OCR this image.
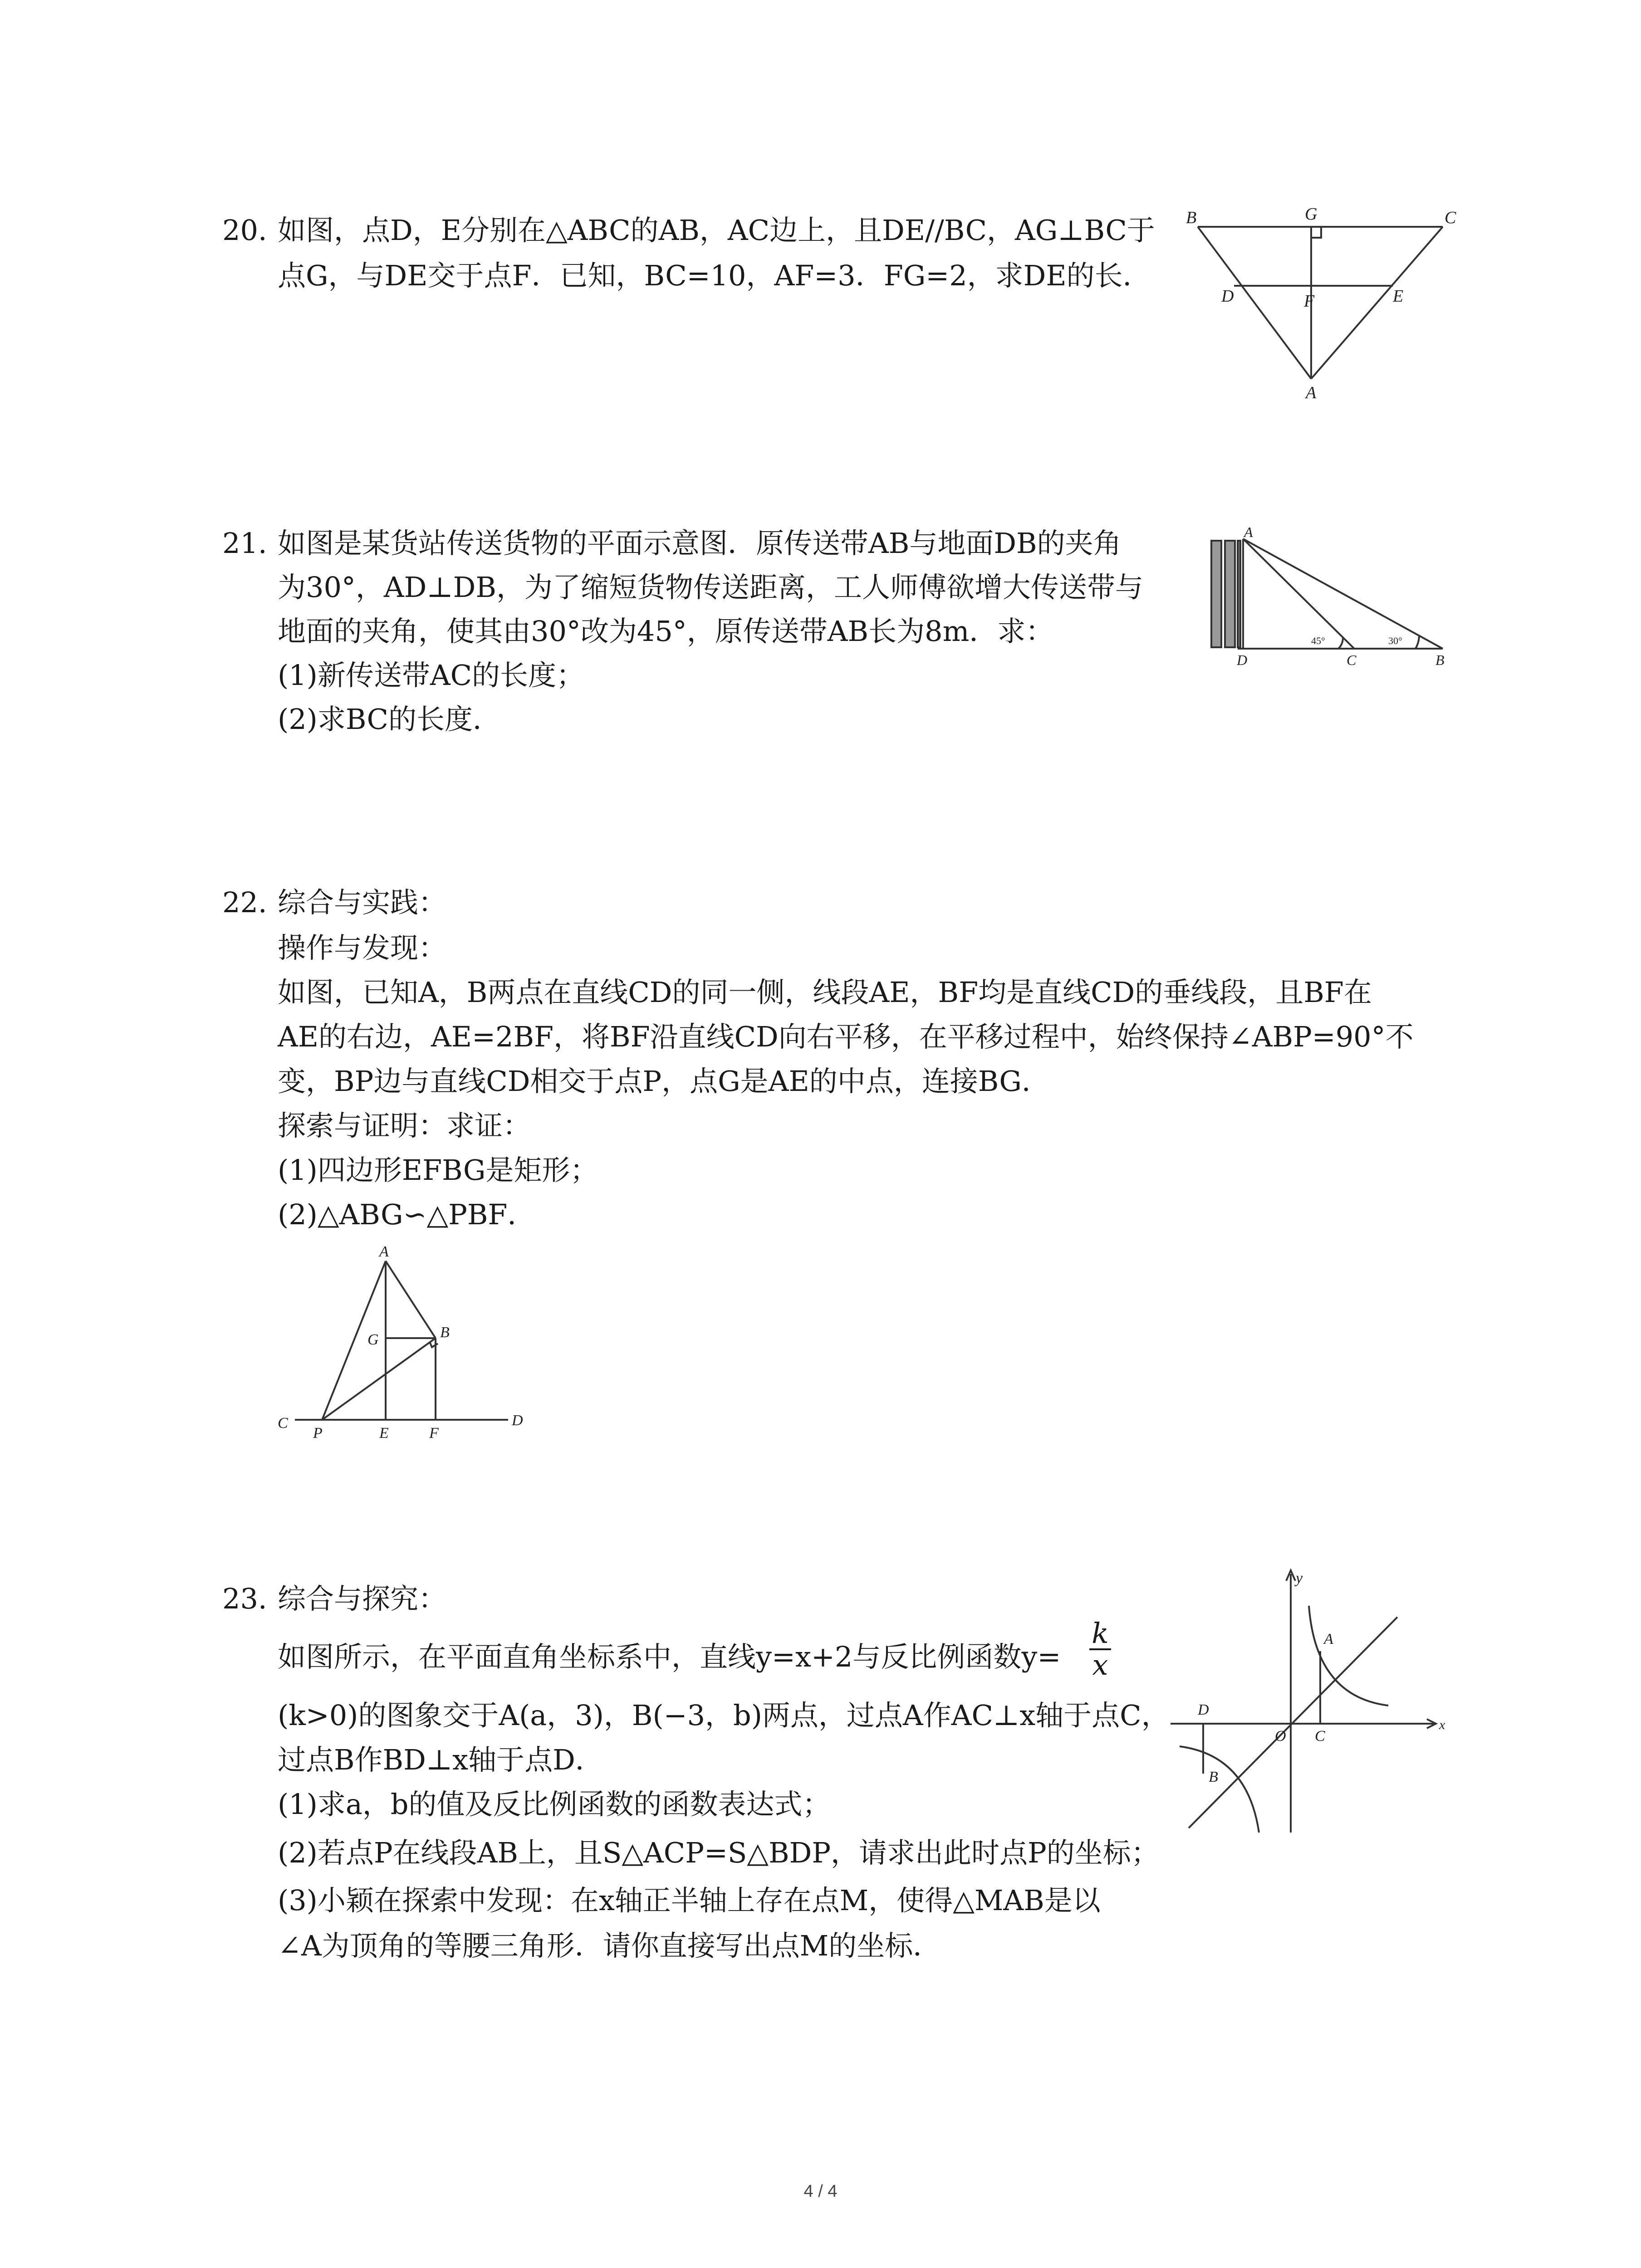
20. 如图，点D，E分别在△ABC的AB，AC边上，且DE//BC，AG⊥BC于
点G，与DE交于点F．已知，BC=10，AF=3．FG=2，求DE的长．
B	G	C
D	F	E
A
21. 如图是某货站传送货物的平面示意图．原传送带AB与地面DB的夹角
为30°，AD⊥DB，为了缩短货物传送距离，工人师傅欲增大传送带与
地面的夹角，使其由30°改为45°，原传送带AB长为8m．求：
(1)新传送带AC的长度；
(2)求BC的长度．
A
D	C	B
45°	30°
22. 综合与实践：
操作与发现：
如图，已知A，B两点在直线CD的同一侧，线段AE，BF均是直线CD的垂线段，且BF在
AE的右边，AE=2BF，将BF沿直线CD向右平移，在平移过程中，始终保持∠ABP=90°不
变，BP边与直线CD相交于点P，点G是AE的中点，连接BG．
探索与证明：求证：
(1)四边形EFBG是矩形；
(2)△ABG∽△PBF．
A
G	B
C
P	E	F
D
23. 综合与探究：
如图所示，在平面直角坐标系中，直线y=x+2与反比例函数y=
k
x
(k>0)的图象交于A(a，3)，B(−3，b)两点，过点A作AC⊥x轴于点C，
过点B作BD⊥x轴于点D．
(1)求a，b的值及反比例函数的函数表达式；
(2)若点P在线段AB上，且S△ACP=S△BDP，请求出此时点P的坐标；
(3)小颖在探索中发现：在x轴正半轴上存在点M，使得△MAB是以
∠A为顶角的等腰三角形．请你直接写出点M的坐标．
y
x
A
D
O C
B
4 / 4
